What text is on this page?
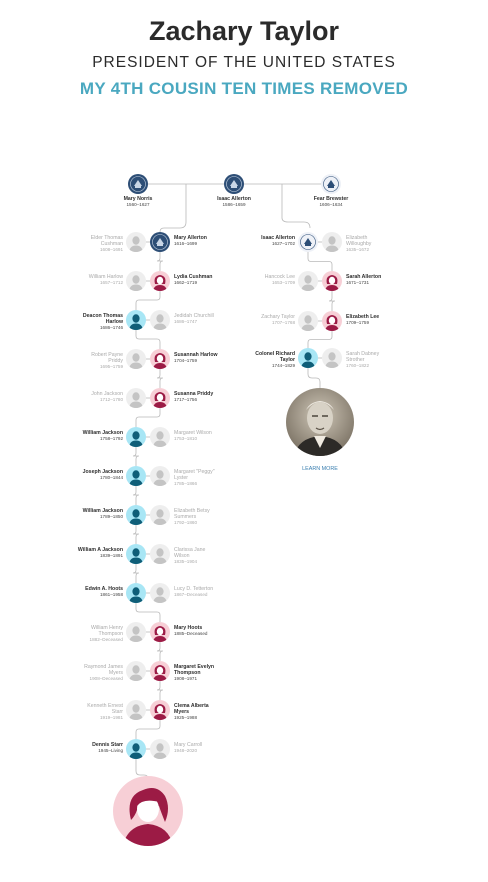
Zachary Taylor
PRESIDENT OF THE UNITED STATES
MY 4TH COUSIN TEN TIMES REMOVED
Mary Norris
1560–1627
Isaac Allerton
1586–1659
Fear Brewster
1606–1634
Elder Thomas Cushman
1608–1691
Mary Allerton
1616–1699
William Harlow
1657–1712
Lydia Cushman
1662–1719
Deacon Thomas Harlow
1686–1746
Jedidah Churchill
1686–1747
Robert Payne Priddy
1695–1759
Susannah Harlow
1704–1759
John Jackson
1712–1780
Susanna Priddy
1717–1756
William Jackson
1758–1792
Margaret Wilson
1753–1810
Joseph Jackson
1780–1844
Margaret "Peggy" Lyster
1785–1866
William Jackson
1789–1850
Elizabeth Betsy Summers
1792–1860
William A Jackson
1839–1891
Clarissa Jane Wilson
1835–1904
Edwin A. Hoots
1861–1958
Lucy D. Tetterton
1867–Deceased
William Henry Thompson
1882–Deceased
Mary Hoots
1885–Deceased
Raymond James Myers
1908–Deceased
Margaret Evelyn Thompson
1908–1971
Kenneth Ernest Starr
1919–1981
Clema Alberta Myers
1925–1988
Dennis Starr
1945–Living
Mary Carroll
1948–2020
Isaac Allerton
1627–1702
Elizabeth Willoughby
1635–1672
Hancock Lee
1653–1709
Sarah Allerton
1671–1731
Zachary Taylor
1707–1768
Elizabeth Lee
1709–1759
Colonel Richard Taylor
1744–1829
Sarah Dabney Strother
1760–1822
LEARN MORE
